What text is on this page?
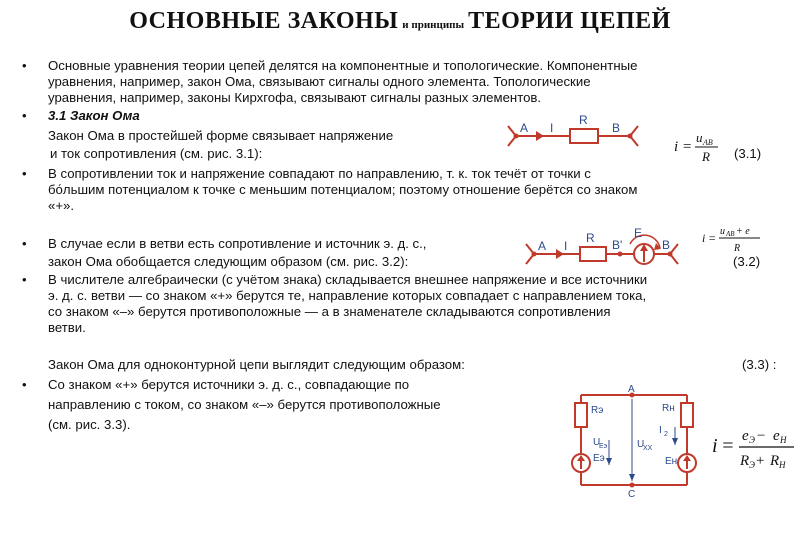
ОСНОВНЫЕ ЗАКОНЫ и принципы ТЕОРИИ ЦЕПЕЙ
•
•
•
•
•
•
Основные уравнения теории цепей делятся на компонентные и топологические. Компонентные
уравнения, например, закон Ома, связывают сигналы одного элемента. Топологические
уравнения, например, законы Кирхгофа, связывают сигналы разных элементов.
3.1 Закон Ома
Закон Ома в простейшей форме связывает напряжение
и ток сопротивления (см. рис. 3.1):
В сопротивлении ток и напряжение совпадают по направлению, т. к. ток течёт от точки с
бо́льшим потенциалом к точке с меньшим потенциалом; поэтому отношение берётся со знаком
«+».
В случае если в ветви есть сопротивление и источник э. д. с.,
закон Ома обобщается следующим образом (см. рис. 3.2):
В числителе алгебраически (с учётом знака) складывается внешнее напряжение и все источники
э. д. с. ветви — со знаком «+» берутся те, направление которых совпадает с направлением тока,
со знаком «–» берутся противоположные — а в знаменателе складываются сопротивления
ветви.
Закон Ома для одноконтурной цепи выглядит следующим образом:
Со знаком «+» берутся источники э. д. с., совпадающие по
направлению с током, со знаком «–» берутся противоположные
(см. рис. 3.3).
(3.1)
(3.2)
(3.3) :
i =
u AB
R
i = u AB + e
R
i = e Э − e Н
R Э + R Н
A I
R
B
A I
R B'
E
B
Rэ
A
Rн
I 2
U
Eэ	U
XX
Eэ
C
Eн
